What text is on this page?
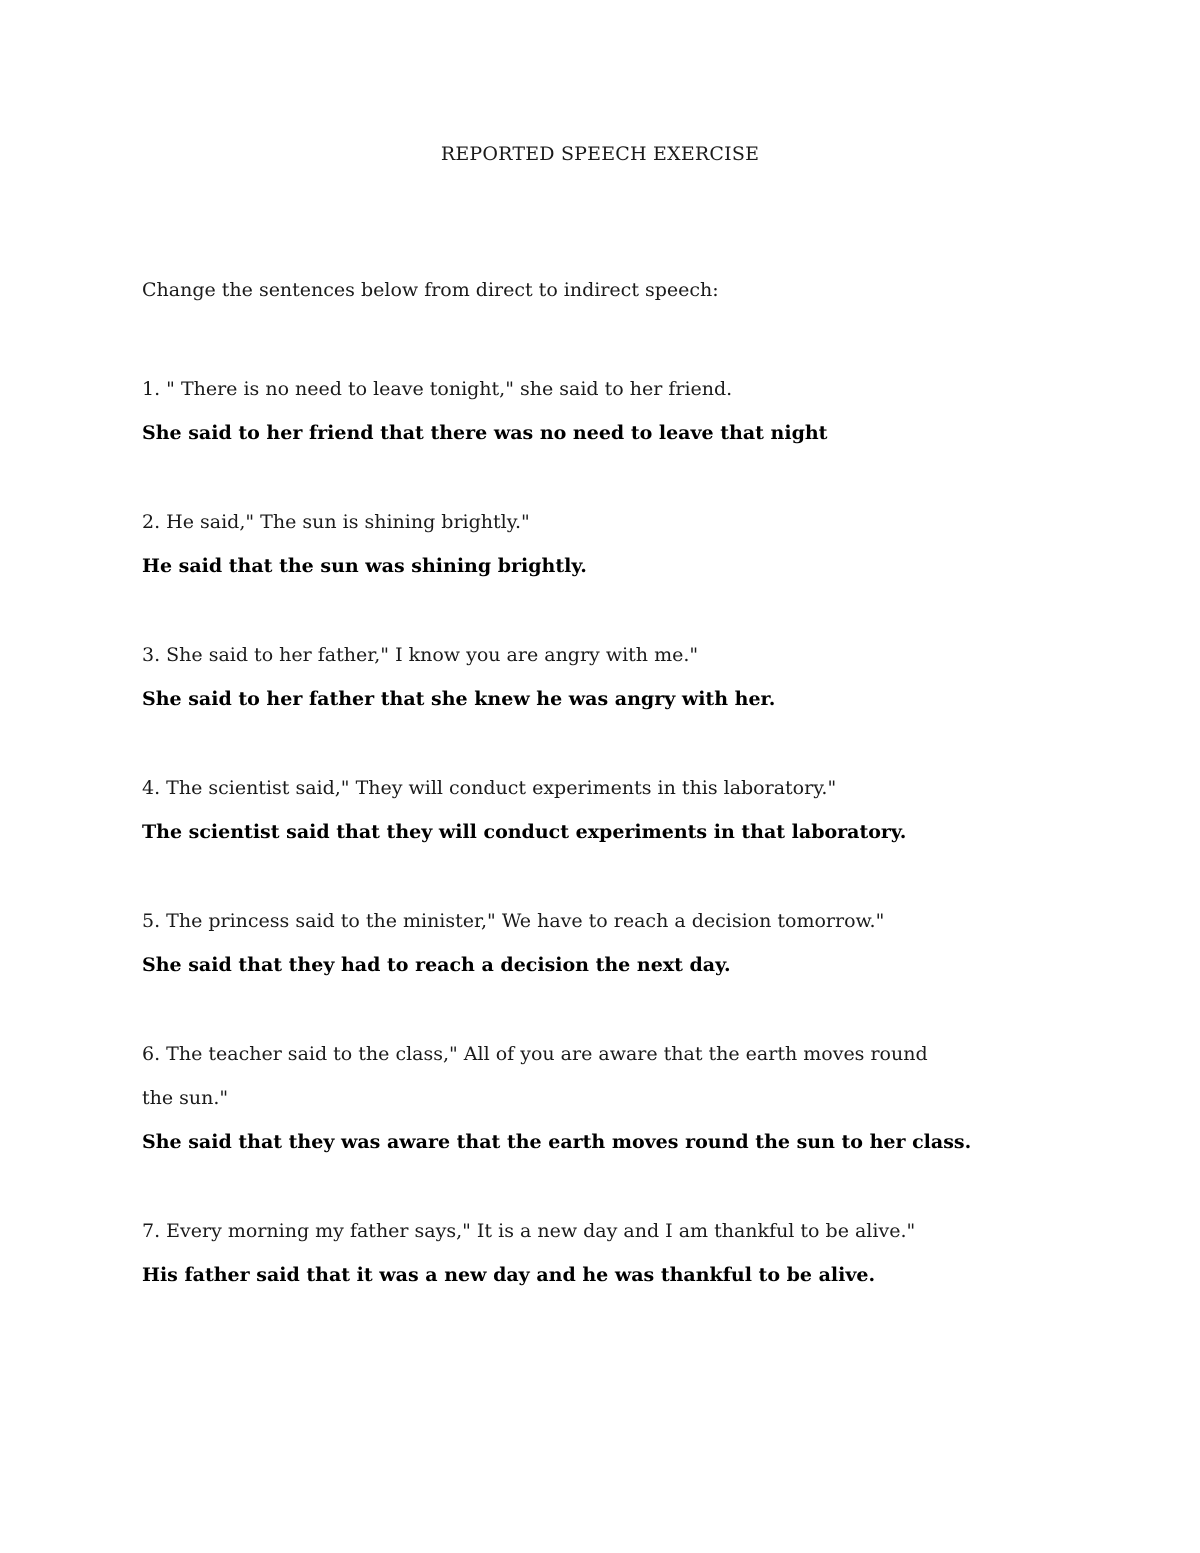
REPORTED SPEECH EXERCISE
Change the sentences below from direct to indirect speech:
1. " There is no need to leave tonight," she said to her friend.
She said to her friend that there was no need to leave that night
2. He said," The sun is shining brightly."
He said that the sun was shining brightly.
3. She said to her father," I know you are angry with me."
She said to her father that she knew he was angry with her.
4. The scientist said," They will conduct experiments in this laboratory."
The scientist said that they will conduct experiments in that laboratory.
5. The princess said to the minister," We have to reach a decision tomorrow."
She said that they had to reach a decision the next day.
6. The teacher said to the class," All of you are aware that the earth moves round
the sun."
She said that they was aware that the earth moves round the sun to her class.
7. Every morning my father says," It is a new day and I am thankful to be alive."
His father said that it was a new day and he was thankful to be alive.
